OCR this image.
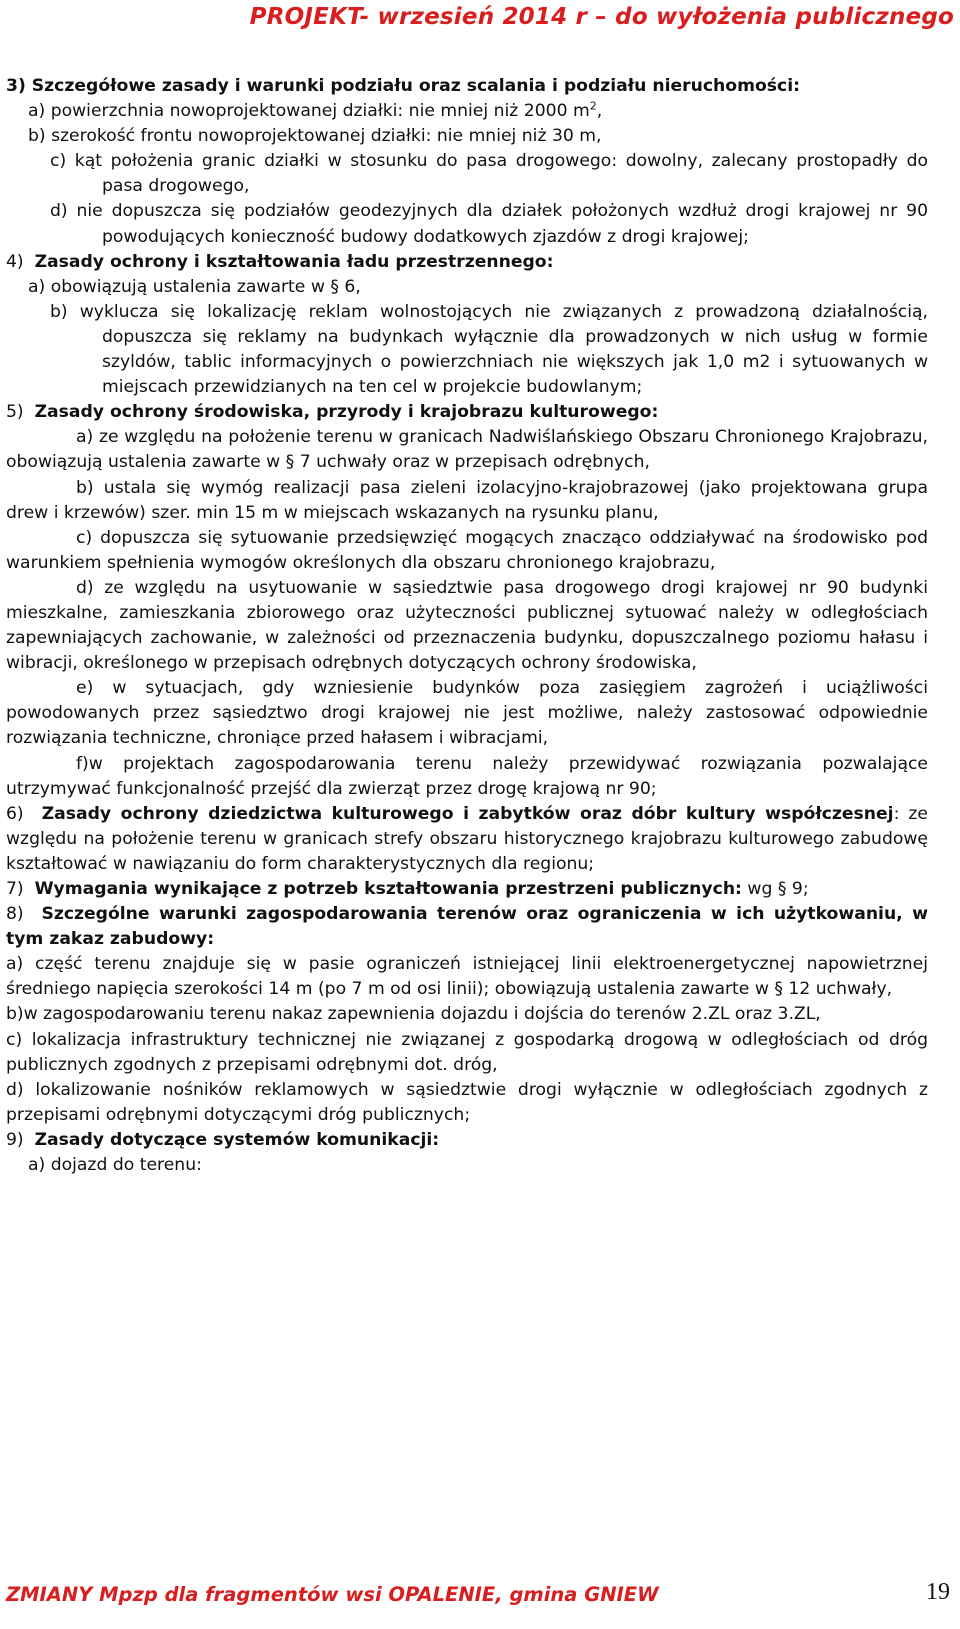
PROJEKT- wrzesień 2014 r – do wyłożenia publicznego

3) Szczegółowe zasady i warunki podziału oraz scalania i podziału nieruchomości:

a) powierzchnia nowoprojektowanej działki: nie mniej niż 2000 $m^2$,

b) szerokość frontu nowoprojektowanej działki: nie mniej niż 30 m,

c) kąt położenia granic działki w stosunku do pasa drogowego: dowolny, zalecany prostopadły do pasa drogowego,

d) nie dopuszcza się podziałów geodezyjnych dla działek położonych wzdłuż drogi krajowej nr 90 powodujących konieczność budowy dodatkowych zjazdów z drogi krajowej;

4) Zasady ochrony i kształtowania ładu przestrzennego:

a) obowiązują ustalenia zawarte w § 6,

b) wyklucza się lokalizację reklam wolnostojących nie związanych z prowadzoną działalnością, dopuszcza się reklamy na budynkach wyłącznie dla prowadzonych w nich usług w formie szyldów, tablic informacyjnych o powierzchniach nie większych jak 1,0 m2 i sytuowanych w miejscach przewidzianych na ten cel w projekcie budowlanym;

5) Zasady ochrony środowiska, przyrody i krajobrazu kulturowego:

a) ze względu na położenie terenu w granicach Nadwiślańskiego Obszaru Chronionego Krajobrazu, obowiązują ustalenia zawarte w § 7 uchwały oraz w przepisach odrębnych,

b) ustala się wymóg realizacji pasa zieleni izolacyjno-krajobrazowej (jako projektowana grupa drew i krzewów) szer. min 15 m w miejscach wskazanych na rysunku planu,

c) dopuszcza się sytuowanie przedsięwzięć mogących znacząco oddziaływać na środowisko pod warunkiem spełnienia wymogów określonych dla obszaru chronionego krajobrazu,

d) ze względu na usytuowanie w sąsiedztwie pasa drogowego drogi krajowej nr 90 budynki mieszkalne, zamieszkania zbiorowego oraz użyteczności publicznej sytuować należy w odległościach zapewniających zachowanie, w zależności od przeznaczenia budynku, dopuszczalnego poziomu hałasu i wibracji, określonego w przepisach odrębnych dotyczących ochrony środowiska,

e) w sytuacjach, gdy wzniesienie budynków poza zasięgiem zagrożeń i uciążliwości powodowanych przez sąsiedztwo drogi krajowej nie jest możliwe, należy zastosować odpowiednie rozwiązania techniczne, chroniące przed hałasem i wibracjami,

f)w projektach zagospodarowania terenu należy przewidywać rozwiązania pozwalające utrzymywać funkcjonalność przejść dla zwierząt przez drogę krajową nr 90;

6) Zasady ochrony dziedzictwa kulturowego i zabytków oraz dóbr kultury współczesnej: ze względu na położenie terenu w granicach strefy obszaru historycznego krajobrazu kulturowego zabudowę kształtować w nawiązaniu do form charakterystycznych dla regionu;

7) Wymagania wynikające z potrzeb kształtowania przestrzeni publicznych: wg § 9;

8) Szczególne warunki zagospodarowania terenów oraz ograniczenia w ich użytkowaniu, w tym zakaz zabudowy:

a) część terenu znajduje się w pasie ograniczeń istniejącej linii elektroenergetycznej napowietrznej średniego napięcia szerokości 14 m (po 7 m od osi linii); obowiązują ustalenia zawarte w § 12 uchwały,

b)w zagospodarowaniu terenu nakaz zapewnienia dojazdu i dojścia do terenów 2.ZL oraz 3.ZL,

c) lokalizacja infrastruktury technicznej nie związanej z gospodarką drogową w odległościach od dróg publicznych zgodnych z przepisami odrębnymi dot. dróg,

d) lokalizowanie nośników reklamowych w sąsiedztwie drogi wyłącznie w odległościach zgodnych z przepisami odrębnymi dotyczącymi dróg publicznych;

9) Zasady dotyczące systemów komunikacji:

a) dojazd do terenu:

ZMIANY Mpzp dla fragmentów wsi OPALENIE, gmina GNIEW	19
